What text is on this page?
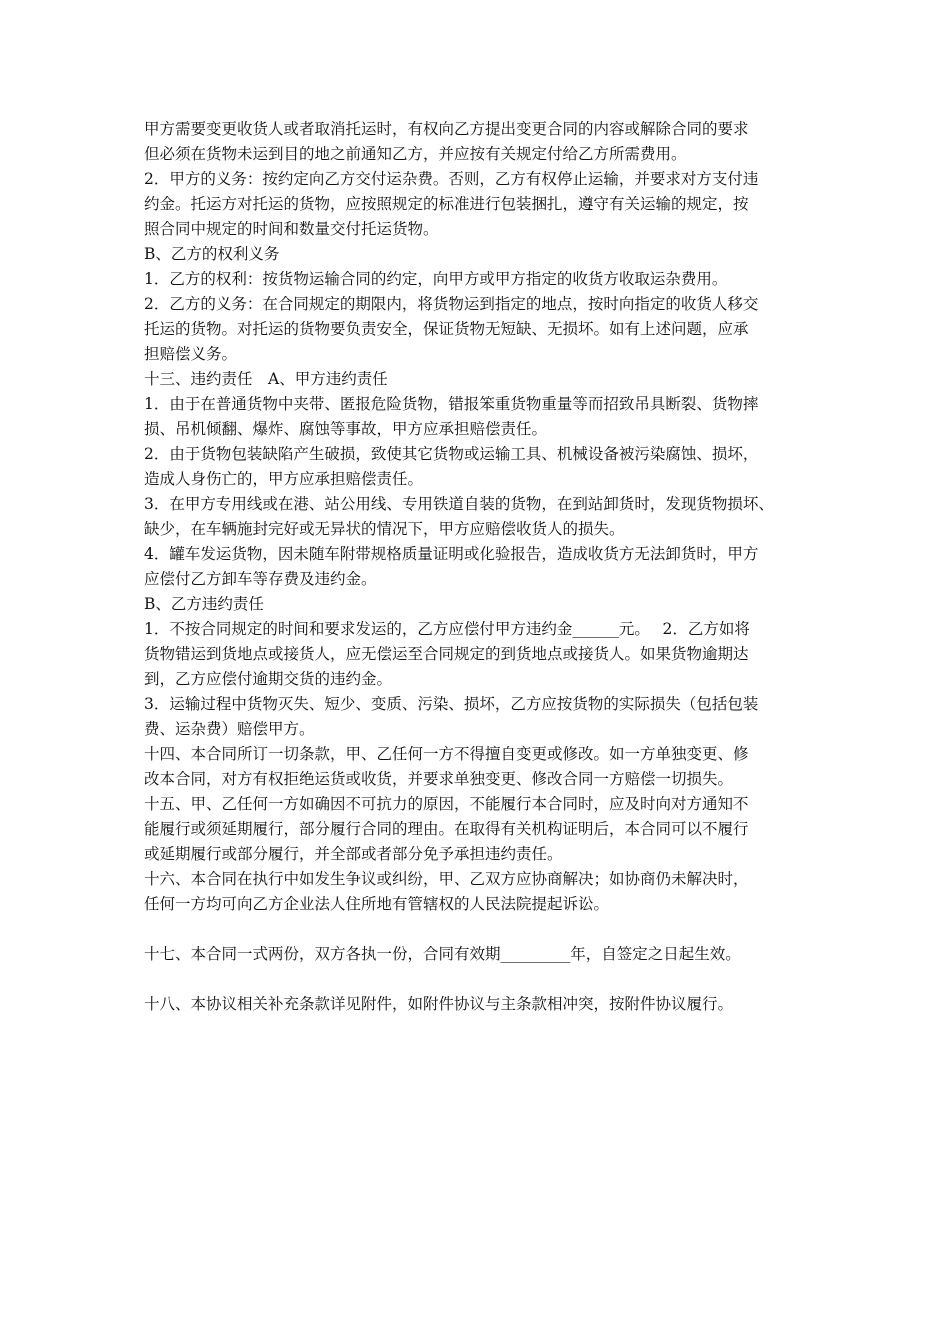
甲方需要变更收货人或者取消托运时，有权向乙方提出变更合同的内容或解除合同的要求
但必须在货物未运到目的地之前通知乙方，并应按有关规定付给乙方所需费用。
2．甲方的义务：按约定向乙方交付运杂费。否则，乙方有权停止运输，并要求对方支付违
约金。托运方对托运的货物，应按照规定的标准进行包装捆扎，遵守有关运输的规定，按
照合同中规定的时间和数量交付托运货物。
B、乙方的权利义务
1．乙方的权利：按货物运输合同的约定，向甲方或甲方指定的收货方收取运杂费用。
2．乙方的义务：在合同规定的期限内，将货物运到指定的地点，按时向指定的收货人移交
托运的货物。对托运的货物要负责安全，保证货物无短缺、无损坏。如有上述问题，应承
担赔偿义务。
十三、违约责任　A、甲方违约责任
1．由于在普通货物中夹带、匿报危险货物，错报笨重货物重量等而招致吊具断裂、货物摔
损、吊机倾翻、爆炸、腐蚀等事故，甲方应承担赔偿责任。
2．由于货物包装缺陷产生破损，致使其它货物或运输工具、机械设备被污染腐蚀、损坏，
造成人身伤亡的，甲方应承担赔偿责任。
3．在甲方专用线或在港、站公用线、专用铁道自装的货物，在到站卸货时，发现货物损坏、
缺少，在车辆施封完好或无异状的情况下，甲方应赔偿收货人的损失。
4．罐车发运货物，因未随车附带规格质量证明或化验报告，造成收货方无法卸货时，甲方
应偿付乙方卸车等存费及违约金。
B、乙方违约责任
1．不按合同规定的时间和要求发运的，乙方应偿付甲方违约金______元。　 2．乙方如将
货物错运到货地点或接货人，应无偿运至合同规定的到货地点或接货人。如果货物逾期达
到，乙方应偿付逾期交货的违约金。
3．运输过程中货物灭失、短少、变质、污染、损坏，乙方应按货物的实际损失（包括包装
费、运杂费）赔偿甲方。
十四、本合同所订一切条款，甲、乙任何一方不得擅自变更或修改。如一方单独变更、修
改本合同，对方有权拒绝运货或收货，并要求单独变更、修改合同一方赔偿一切损失。
十五、甲、乙任何一方如确因不可抗力的原因，不能履行本合同时，应及时向对方通知不
能履行或须延期履行，部分履行合同的理由。在取得有关机构证明后，本合同可以不履行
或延期履行或部分履行，并全部或者部分免予承担违约责任。
十六、本合同在执行中如发生争议或纠纷，甲、乙双方应协商解决；如协商仍未解决时，
任何一方均可向乙方企业法人住所地有管辖权的人民法院提起诉讼。
十七、本合同一式两份，双方各执一份，合同有效期_________年，自签定之日起生效。
十八、本协议相关补充条款详见附件，如附件协议与主条款相冲突，按附件协议履行。
